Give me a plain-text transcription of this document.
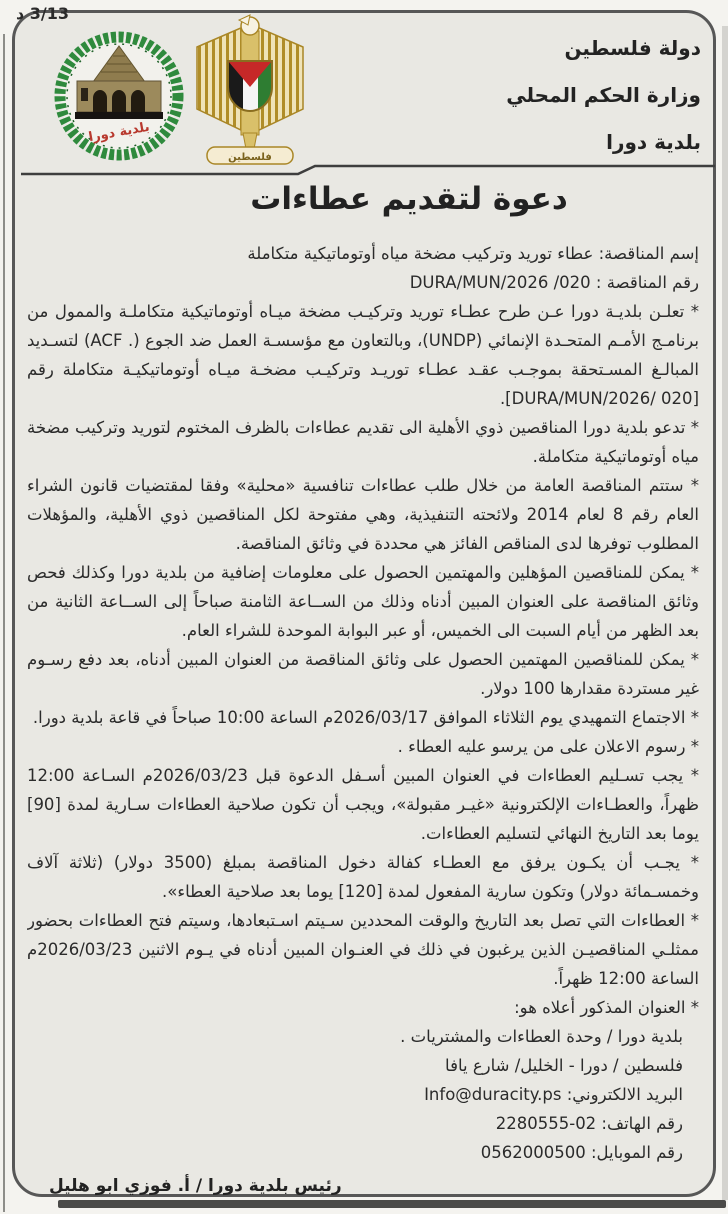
3/13 د
بلدية دورا
فلسطين
دولة فلسطين
وزارة الحكم المحلي
بلدية دورا
دعوة لتقديم عطاءات

إسم المناقصة: عطاء توريد وتركيب مضخة مياه أوتوماتيكية متكاملة

رقم المناقصة : DURA/MUN/2026 /020

* تعلـن بلديـة دورا عـن طرح عطـاء توريد وتركيـب مضخة ميـاه أوتوماتيكية متكاملـة والممول من برنامـج الأمـم المتحـدة الإنمائي (UNDP)، وبالتعاون مع مؤسسـة العمل ضد الجوع (. ACF) لتسـديد المبالـغ المسـتحقة بموجـب عقـد عطـاء توريـد وتركيـب مضخـة ميـاه أوتوماتيكيـة متكاملة رقم [DURA/MUN/2026/ 020].

* تدعو بلدية دورا المناقصين ذوي الأهلية الى تقديم عطاءات بالظرف المختوم لتوريد وتركيب مضخة مياه أوتوماتيكية متكاملة.

* ستتم المناقصة العامة من خلال طلب عطاءات تنافسية «محلية» وفقا لمقتضيات قانون الشراء العام رقم 8 لعام 2014 ولائحته التنفيذية، وهي مفتوحة لكل المناقصين ذوي الأهلية، والمؤهلات المطلوب توفرها لدى المناقص الفائز هي محددة في وثائق المناقصة.

* يمكن للمناقصين المؤهلين والمهتمين الحصول على معلومات إضافية من بلدية دورا وكذلك فحص وثائق المناقصة على العنوان المبين أدناه وذلك من الســاعة الثامنة صباحاً إلى الســاعة الثانية من بعد الظهر من أيام السبت الى الخميس، أو عبر البوابة الموحدة للشراء العام.

* يمكن للمناقصين المهتمين الحصول على وثائق المناقصة من العنوان المبين أدناه، بعد دفع رسـوم غير مستردة مقدارها 100 دولار.

* الاجتماع التمهيدي يوم الثلاثاء الموافق 2026/03/17م الساعة 10:00 صباحاً في قاعة بلدية دورا.

* رسوم الاعلان على من يرسو عليه العطاء .

* يجب تسـليم العطاءات في العنوان المبين أسـفل الدعوة قبل 2026/03/23م السـاعة 12:00 ظهراً، والعطـاءات الإلكترونية «غيـر مقبولة»، ويجب أن تكون صلاحية العطاءات سـارية لمدة [90] يوما بعد التاريخ النهائي لتسليم العطاءات.

* يجـب أن يكـون يرفق مع العطـاء كفالة دخول المناقصة بمبلغ (3500 دولار) (ثلاثة آلاف وخمسـمائة دولار) وتكون سارية المفعول لمدة [120] يوما بعد صلاحية العطاء».

* العطاءات التي تصل بعد التاريخ والوقت المحددين سـيتم اسـتبعادها، وسيتم فتح العطاءات بحضور ممثلـي المناقصيـن الذين يرغبون في ذلك في العنـوان المبين أدناه في يـوم الاثنين 2026/03/23م الساعة 12:00 ظهراً.

* العنوان المذكور أعلاه هو:

بلدية دورا / وحدة العطاءات والمشتريات .

فلسطين / دورا - الخليل/ شارع يافا

البريد الالكتروني: Info@duracity.ps

رقم الهاتف: 02-2280555

رقم الموبايل: 0562000500

رئيس بلدية دورا / أ. فوزي ابو هليل
